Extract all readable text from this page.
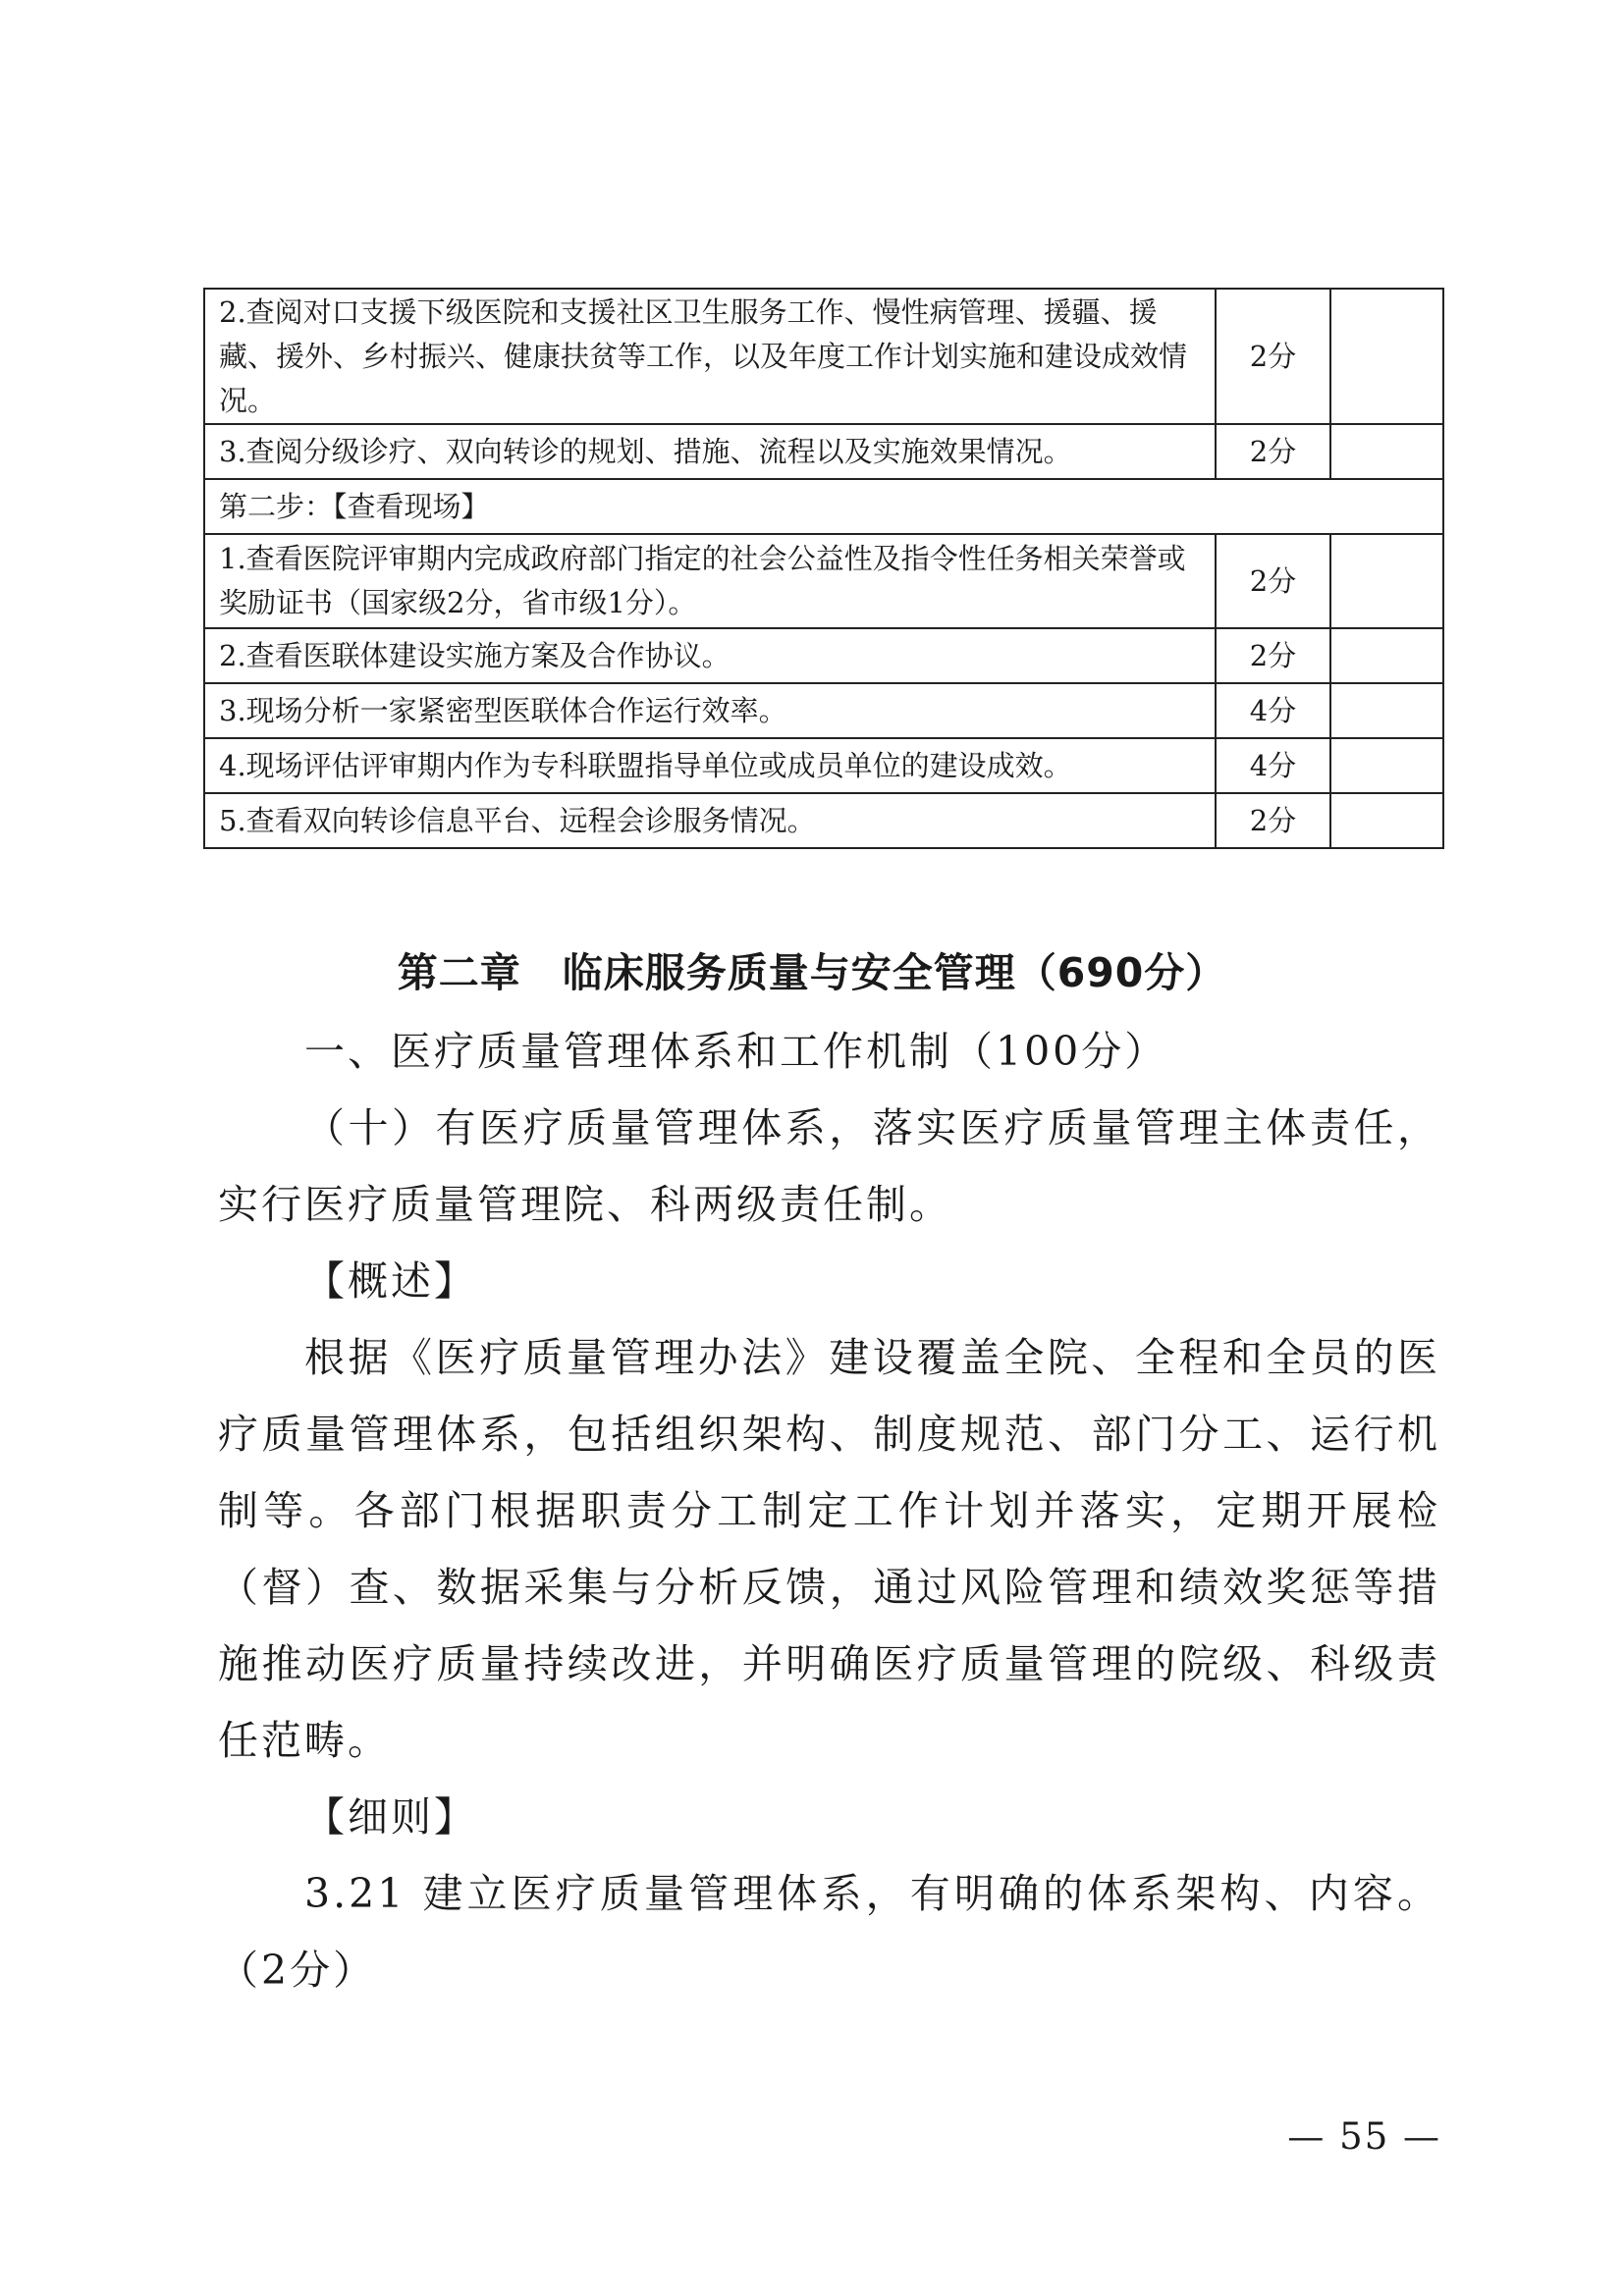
2.查阅对口支援下级医院和支援社区卫生服务工作、慢性病管理、援疆、援藏、援外、乡村振兴、健康扶贫等工作，以及年度工作计划实施和建设成效情况。	2分	
3.查阅分级诊疗、双向转诊的规划、措施、流程以及实施效果情况。	2分	
第二步：【查看现场】		
1.查看医院评审期内完成政府部门指定的社会公益性及指令性任务相关荣誉或奖励证书（国家级2分，省市级1分）。	2分	
2.查看医联体建设实施方案及合作协议。	2分	
3.现场分析一家紧密型医联体合作运行效率。	4分	
4.现场评估评审期内作为专科联盟指导单位或成员单位的建设成效。	4分	
5.查看双向转诊信息平台、远程会诊服务情况。	2分	
第二章　临床服务质量与安全管理（690分）

一、医疗质量管理体系和工作机制（100分）

（十）有医疗质量管理体系，落实医疗质量管理主体责任，实行医疗质量管理院、科两级责任制。

【概述】

根据《医疗质量管理办法》建设覆盖全院、全程和全员的医疗质量管理体系，包括组织架构、制度规范、部门分工、运行机制等。各部门根据职责分工制定工作计划并落实，定期开展检（督）查、数据采集与分析反馈，通过风险管理和绩效奖惩等措施推动医疗质量持续改进，并明确医疗质量管理的院级、科级责任范畴。

【细则】

3.21 建立医疗质量管理体系，有明确的体系架构、内容。（2分）

— 55 —
